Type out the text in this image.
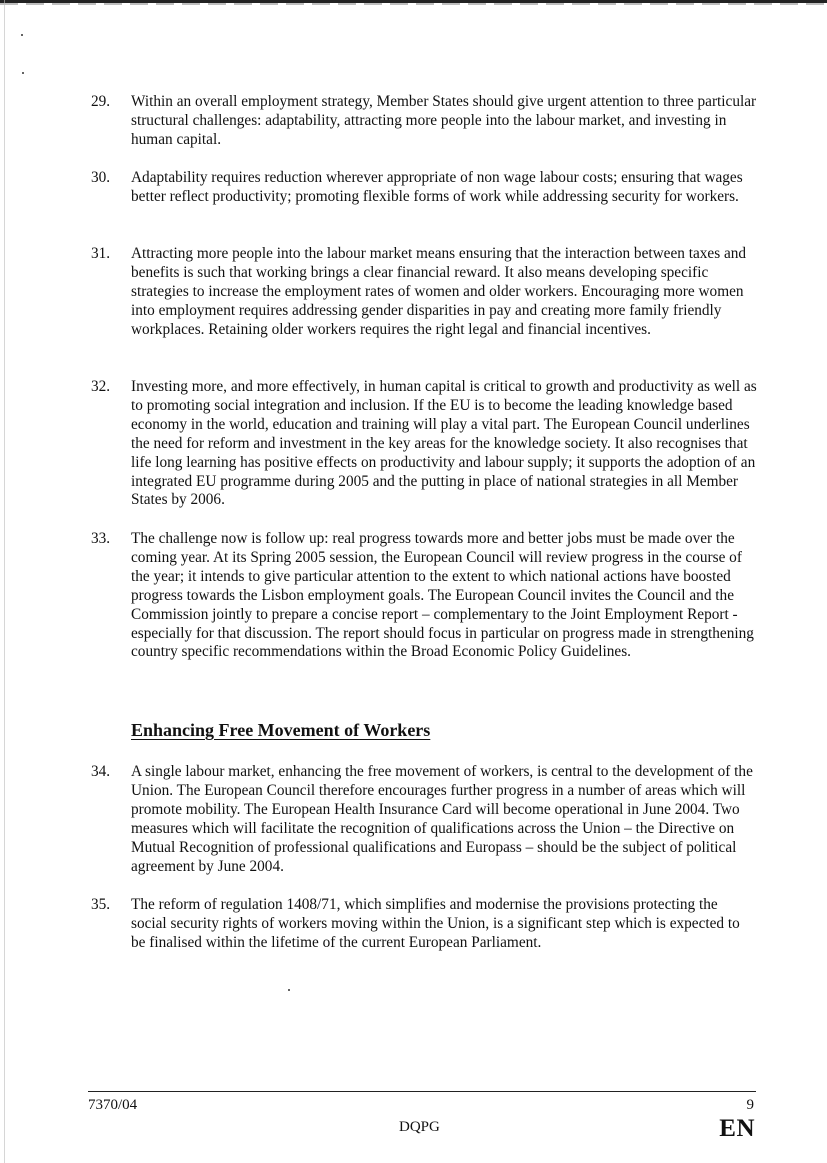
29.	Within an overall employment strategy, Member States should give urgent attention to three particular structural challenges: adaptability, attracting more people into the labour market, and investing in human capital.
30.	Adaptability requires reduction wherever appropriate of non wage labour costs; ensuring that wages better reflect productivity; promoting flexible forms of work while addressing security for workers.
31.	Attracting more people into the labour market means ensuring that the interaction between taxes and benefits is such that working brings a clear financial reward. It also means developing specific strategies to increase the employment rates of women and older workers. Encouraging more women into employment requires addressing gender disparities in pay and creating more family friendly workplaces. Retaining older workers requires the right legal and financial incentives.
32.	Investing more, and more effectively, in human capital is critical to growth and productivity as well as to promoting social integration and inclusion. If the EU is to become the leading knowledge based economy in the world, education and training will play a vital part. The European Council underlines the need for reform and investment in the key areas for the knowledge society. It also recognises that life long learning has positive effects on productivity and labour supply; it supports the adoption of an integrated EU programme during 2005 and the putting in place of national strategies in all Member States by 2006.
33.	The challenge now is follow up: real progress towards more and better jobs must be made over the coming year. At its Spring 2005 session, the European Council will review progress in the course of the year; it intends to give particular attention to the extent to which national actions have boosted progress towards the Lisbon employment goals. The European Council invites the Council and the Commission jointly to prepare a concise report – complementary to the Joint Employment Report - especially for that discussion. The report should focus in particular on progress made in strengthening country specific recommendations within the Broad Economic Policy Guidelines.
Enhancing Free Movement of Workers
34.	A single labour market, enhancing the free movement of workers, is central to the development of the Union. The European Council therefore encourages further progress in a number of areas which will promote mobility. The European Health Insurance Card will become operational in June 2004. Two measures which will facilitate the recognition of qualifications across the Union – the Directive on Mutual Recognition of professional qualifications and Europass – should be the subject of political agreement by June 2004.
35.	The reform of regulation 1408/71, which simplifies and modernise the provisions protecting the social security rights of workers moving within the Union, is a significant step which is expected to be finalised within the lifetime of the current European Parliament.
7370/04	9
DQPG	EN
